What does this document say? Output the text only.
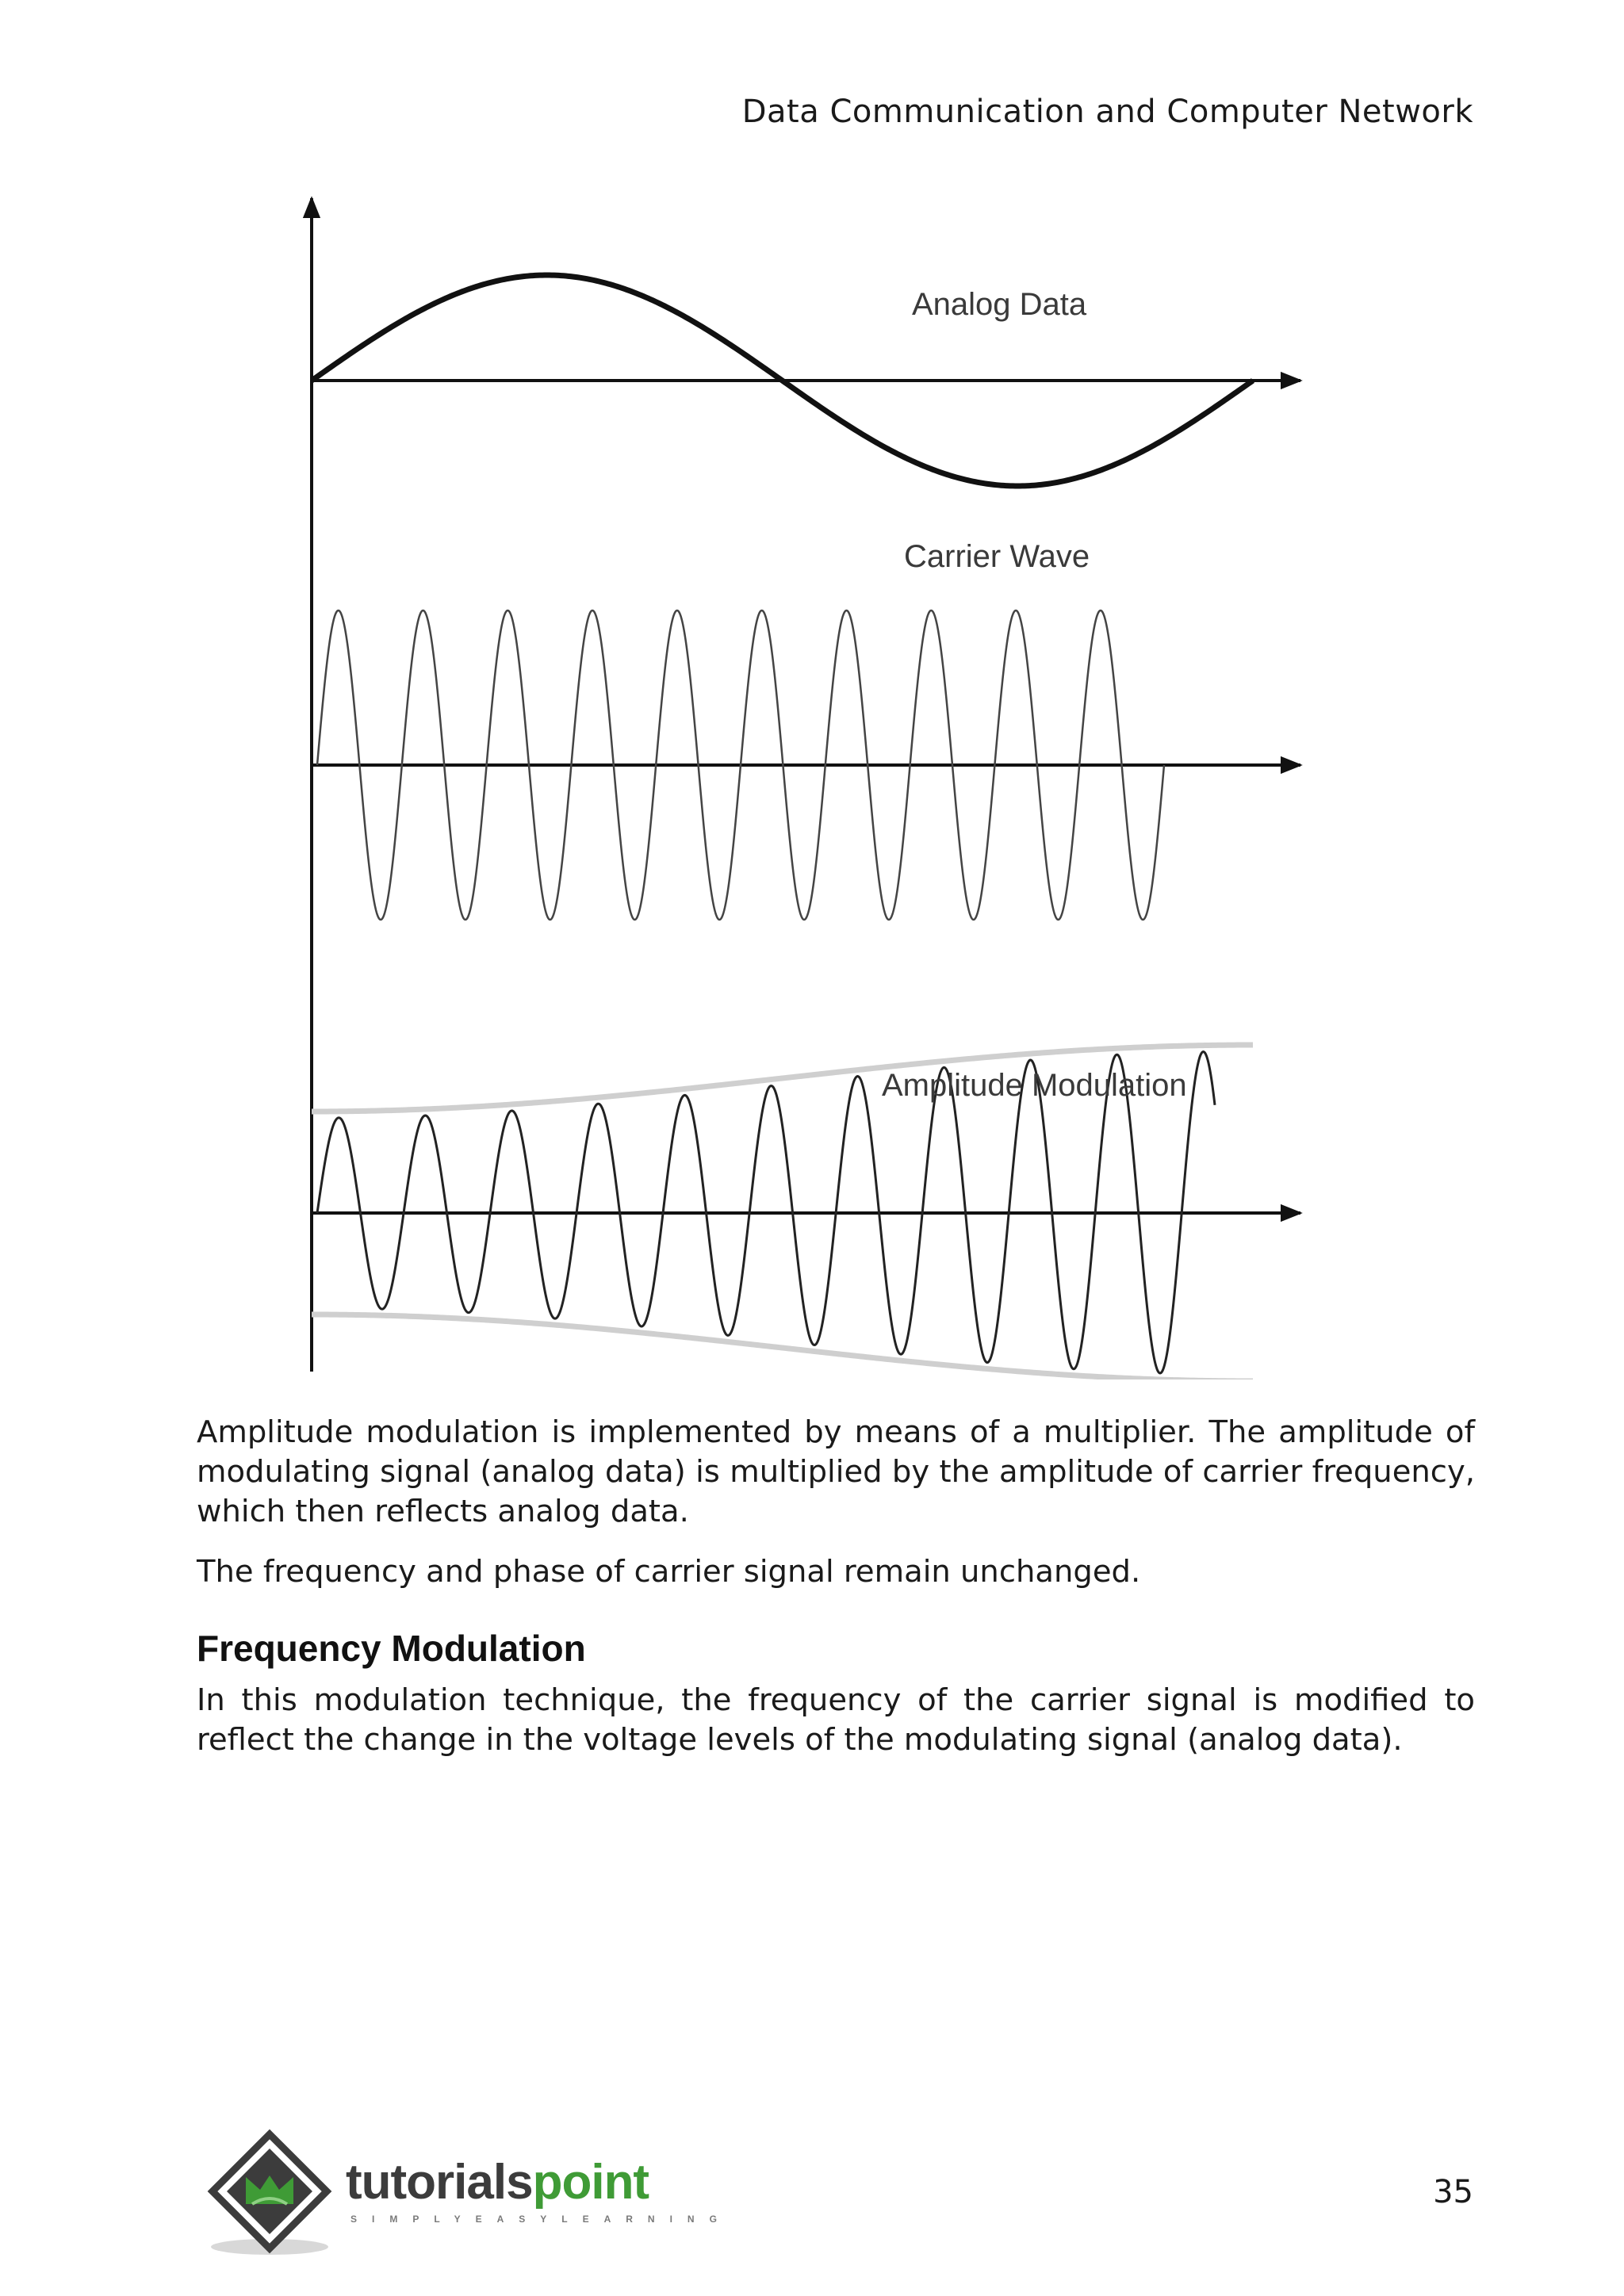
Data Communication and Computer Network
Analog Data
Carrier Wave
Amplitude Modulation
Amplitude modulation is implemented by means of a multiplier. The amplitude of modulating signal (analog data) is multiplied by the amplitude of carrier frequency, which then reflects analog data.
The frequency and phase of carrier signal remain unchanged.
Frequency Modulation
In this modulation technique, the frequency of the carrier signal is modified to reflect the change in the voltage levels of the modulating signal (analog data).
tutorialspoint
SIMPLYEASYLEARNING
35
